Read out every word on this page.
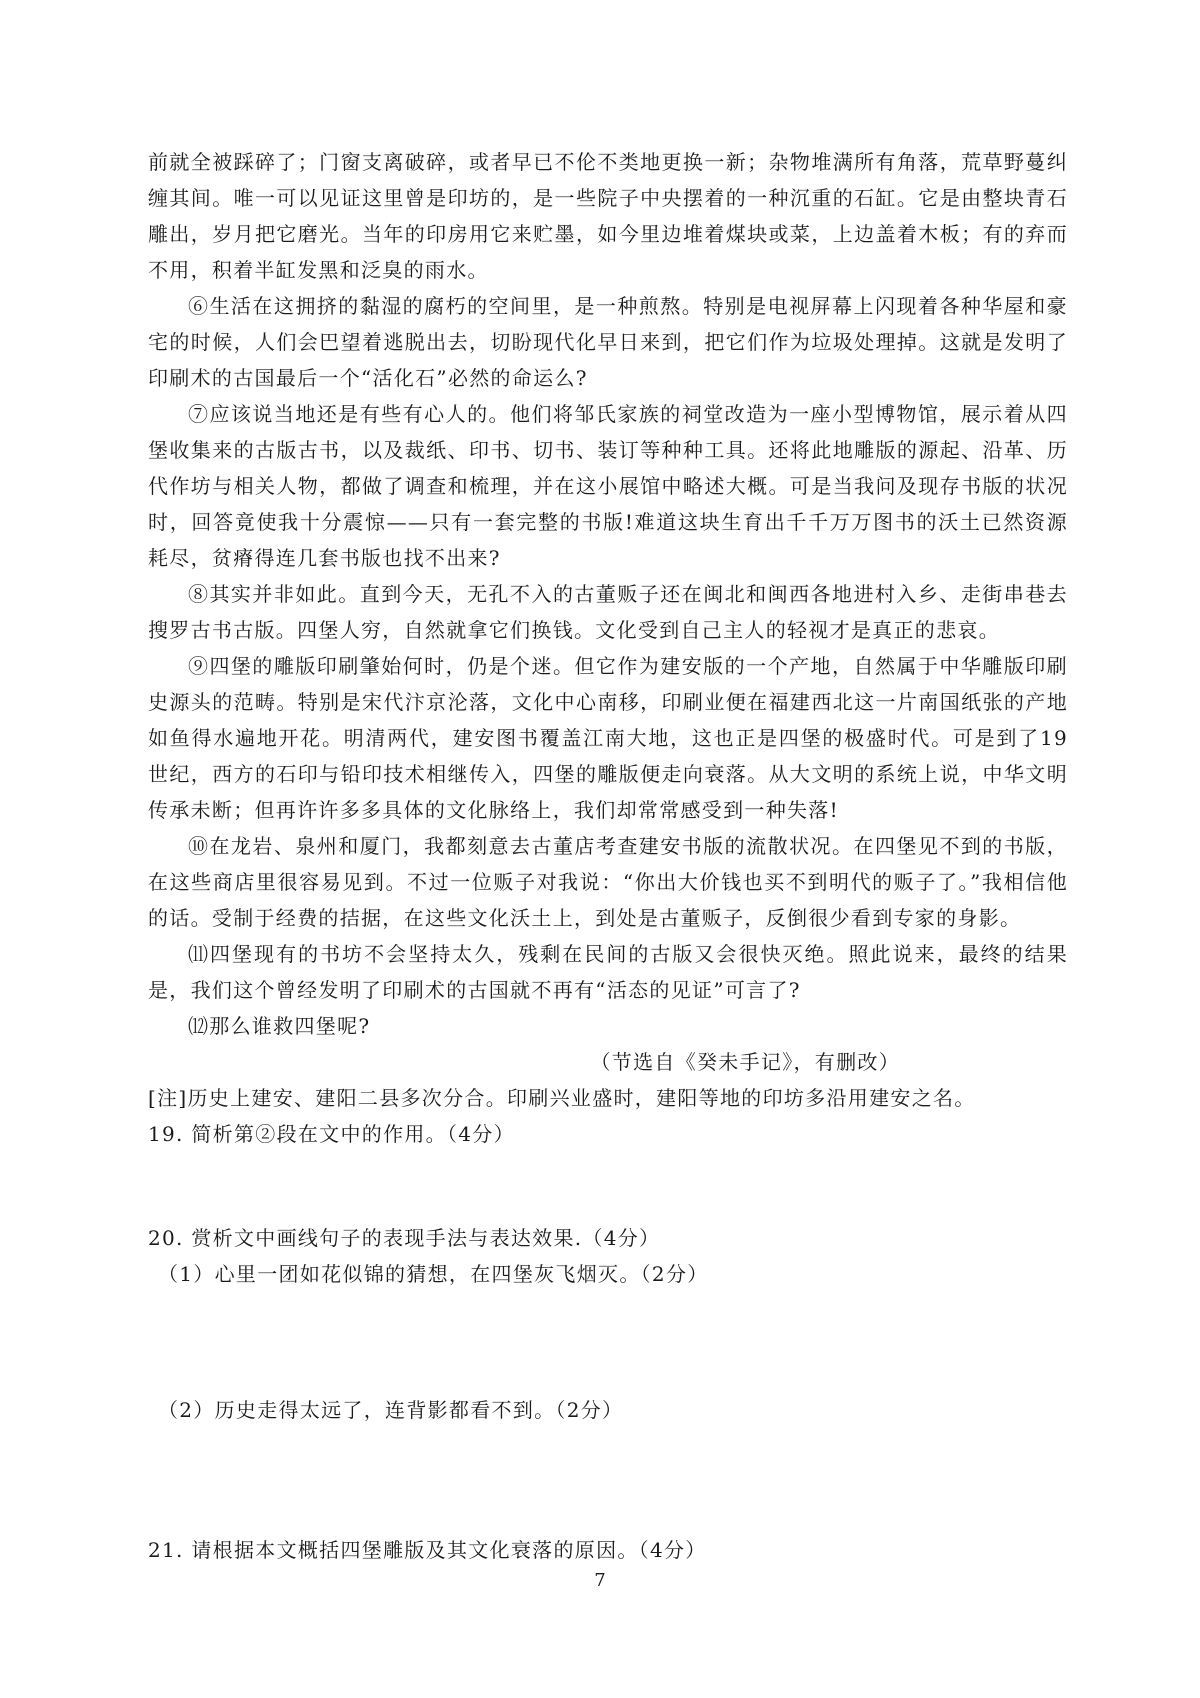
前就全被踩碎了；门窗支离破碎，或者早已不伦不类地更换一新；杂物堆满所有角落，荒草野蔓纠缠其间。唯一可以见证这里曾是印坊的，是一些院子中央摆着的一种沉重的石缸。它是由整块青石雕出，岁月把它磨光。当年的印房用它来贮墨，如今里边堆着煤块或菜，上边盖着木板；有的弃而不用，积着半缸发黑和泛臭的雨水。

⑥生活在这拥挤的黏湿的腐朽的空间里，是一种煎熬。特别是电视屏幕上闪现着各种华屋和豪宅的时候，人们会巴望着逃脱出去，切盼现代化早日来到，把它们作为垃圾处理掉。这就是发明了印刷术的古国最后一个“活化石”必然的命运么?

⑦应该说当地还是有些有心人的。他们将邹氏家族的祠堂改造为一座小型博物馆，展示着从四堡收集来的古版古书，以及裁纸、印书、切书、装订等种种工具。还将此地雕版的源起、沿革、历代作坊与相关人物，都做了调查和梳理，并在这小展馆中略述大概。可是当我问及现存书版的状况时，回答竟使我十分震惊——只有一套完整的书版!难道这块生育出千千万万图书的沃土已然资源耗尽，贫瘠得连几套书版也找不出来?

⑧其实并非如此。直到今天，无孔不入的古董贩子还在闽北和闽西各地进村入乡、走街串巷去搜罗古书古版。四堡人穷，自然就拿它们换钱。文化受到自己主人的轻视才是真正的悲哀。

⑨四堡的雕版印刷肇始何时，仍是个迷。但它作为建安版的一个产地，自然属于中华雕版印刷史源头的范畴。特别是宋代汴京沦落，文化中心南移，印刷业便在福建西北这一片南国纸张的产地如鱼得水遍地开花。明清两代，建安图书覆盖江南大地，这也正是四堡的极盛时代。可是到了19世纪，西方的石印与铅印技术相继传入，四堡的雕版便走向衰落。从大文明的系统上说，中华文明传承未断；但再许许多多具体的文化脉络上，我们却常常感受到一种失落!

⑩在龙岩、泉州和厦门，我都刻意去古董店考查建安书版的流散状况。在四堡见不到的书版，在这些商店里很容易见到。不过一位贩子对我说：“你出大价钱也买不到明代的贩子了。”我相信他的话。受制于经费的拮据，在这些文化沃土上，到处是古董贩子，反倒很少看到专家的身影。

⑾四堡现有的书坊不会坚持太久，残剩在民间的古版又会很快灭绝。照此说来，最终的结果是，我们这个曾经发明了印刷术的古国就不再有“活态的见证”可言了?

⑿那么谁救四堡呢?

（节选自《癸未手记》，有删改）

[注]历史上建安、建阳二县多次分合。印刷兴业盛时，建阳等地的印坊多沿用建安之名。

19. 简析第②段在文中的作用。（4分）

20. 赏析文中画线句子的表现手法与表达效果.（4分）

（1）心里一团如花似锦的猜想，在四堡灰飞烟灭。（2分）

（2）历史走得太远了，连背影都看不到。（2分）

21. 请根据本文概括四堡雕版及其文化衰落的原因。（4分）

7
